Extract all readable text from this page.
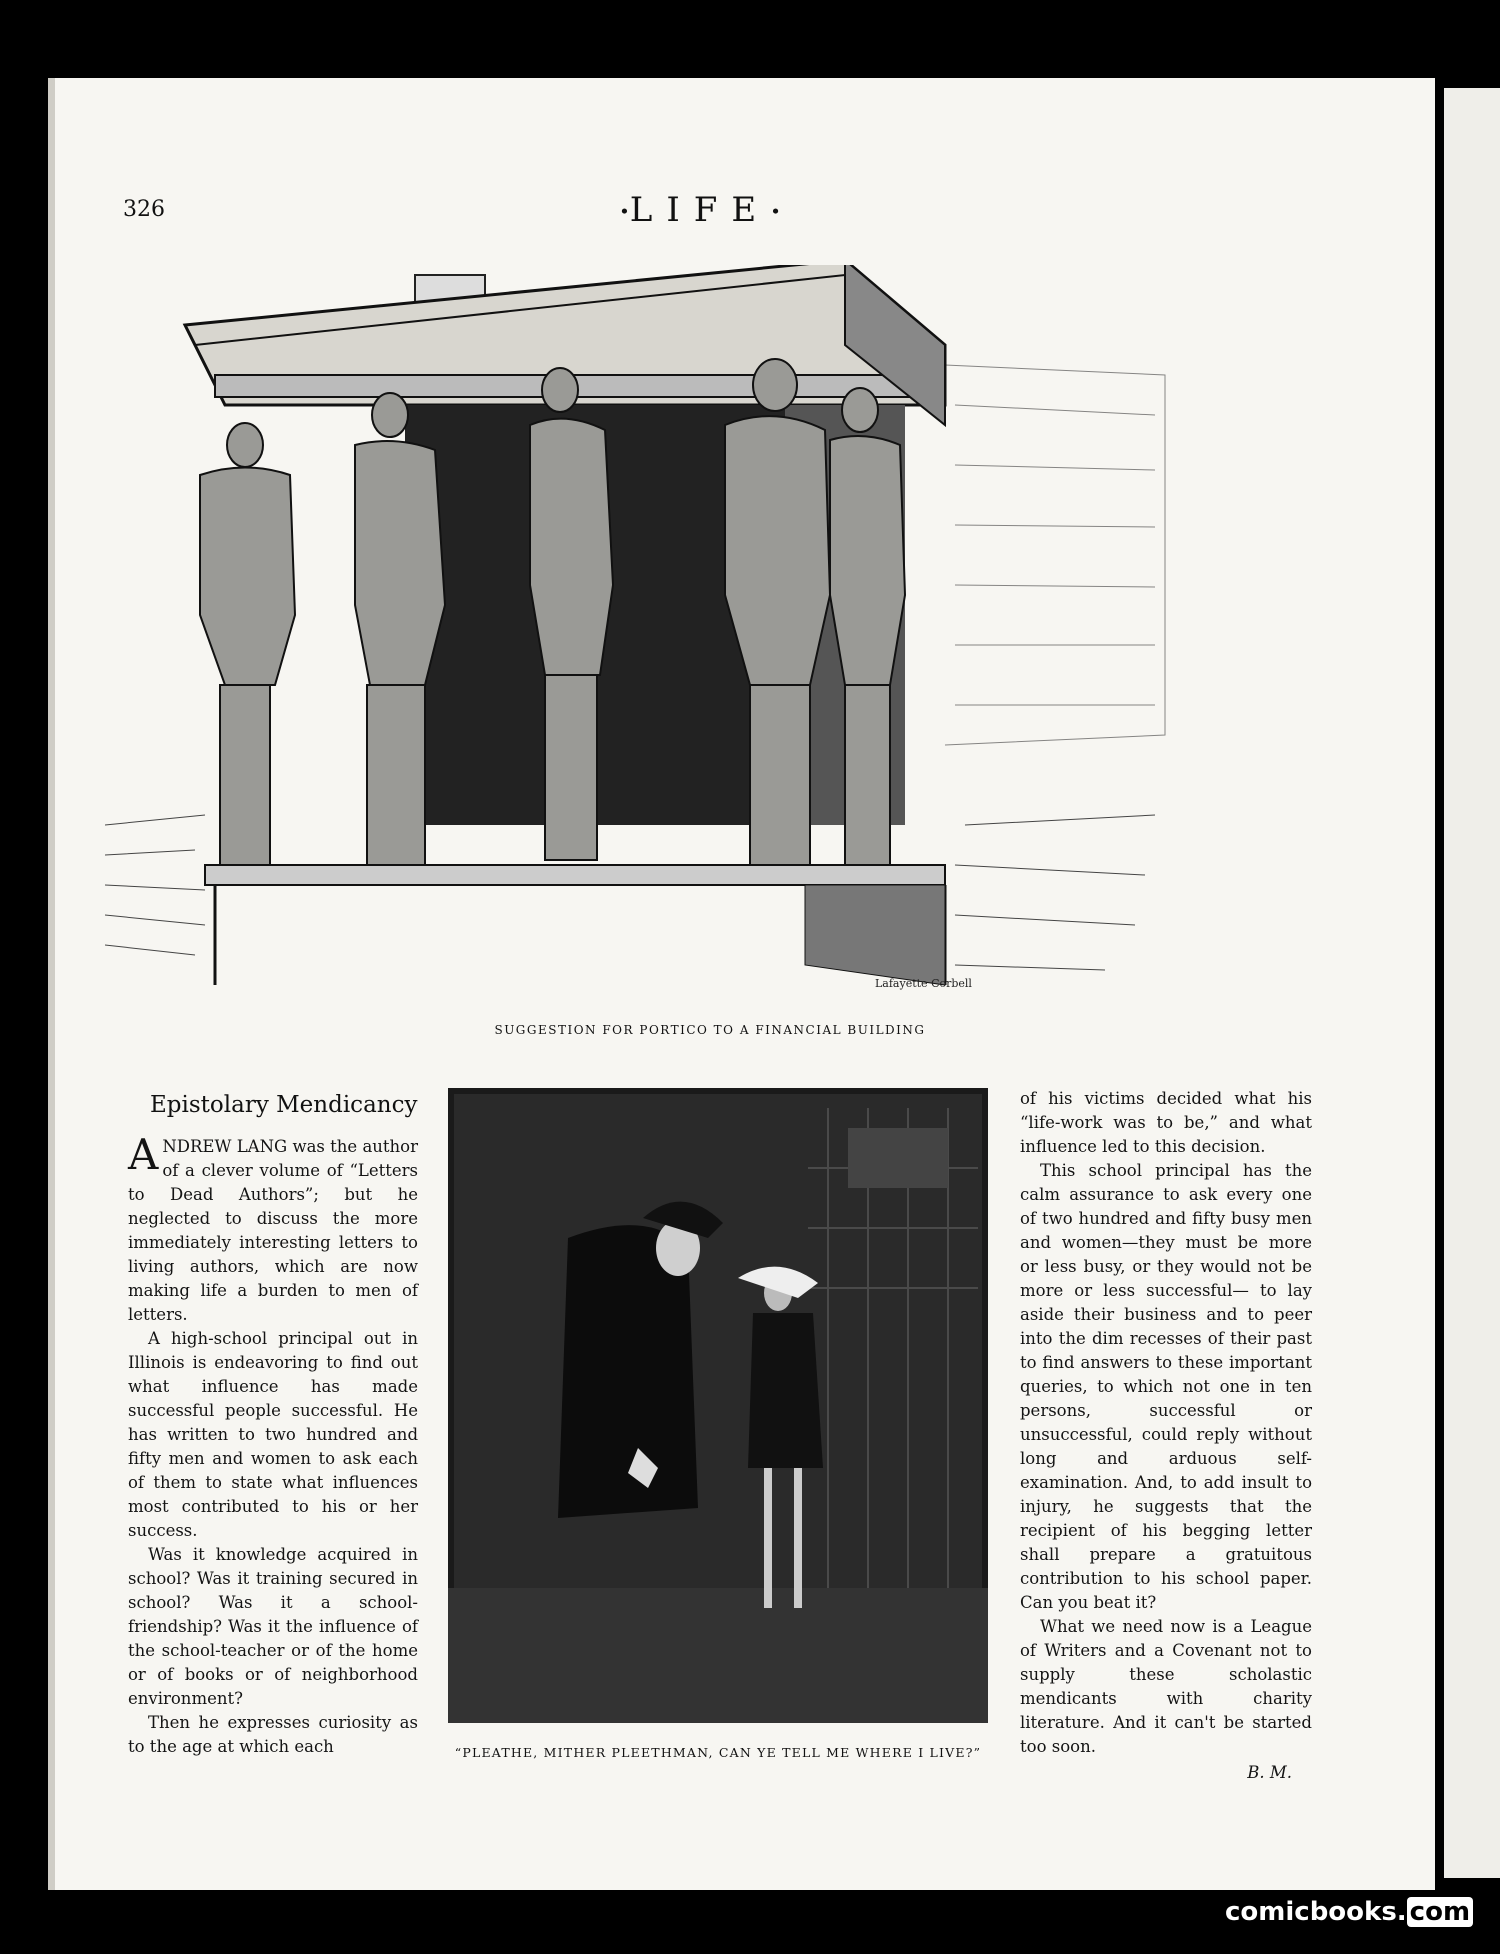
326	•LIFE•
Lafayette Corbell
SUGGESTION FOR PORTICO TO A FINANCIAL BUILDING
Epistolary Mendicancy

ANDREW LANG was the author of a clever volume of “Letters to Dead Authors”; but he neglected to discuss the more immediately interesting letters to living authors, which are now making life a burden to men of letters.

A high-school principal out in Illinois is endeavoring to find out what influence has made successful people successful. He has written to two hundred and fifty men and women to ask each of them to state what influences most contributed to his or her success.

Was it knowledge acquired in school? Was it training secured in school? Was it a school-friendship? Was it the influence of the school-teacher or of the home or of books or of neighborhood environment?

Then he expresses curiosity as to the age at which each	“PLEATHE, MITHER PLEETHMAN, CAN YE TELL ME WHERE I LIVE?”

of his victims decided what his “life-work was to be,” and what influence led to this decision.

This school principal has the calm assurance to ask every one of two hundred and fifty busy men and women—they must be more or less busy, or they would not be more or less successful— to lay aside their business and to peer into the dim recesses of their past to find answers to these important queries, to which not one in ten persons, successful or unsuccessful, could reply without long and arduous self-examination. And, to add insult to injury, he suggests that the recipient of his begging letter shall prepare a gratuitous contribution to his school paper. Can you beat it?

What we need now is a League of Writers and a Covenant not to supply these scholastic mendicants with charity literature. And it can't be started too soon.

B. M.
comicbooks. com
